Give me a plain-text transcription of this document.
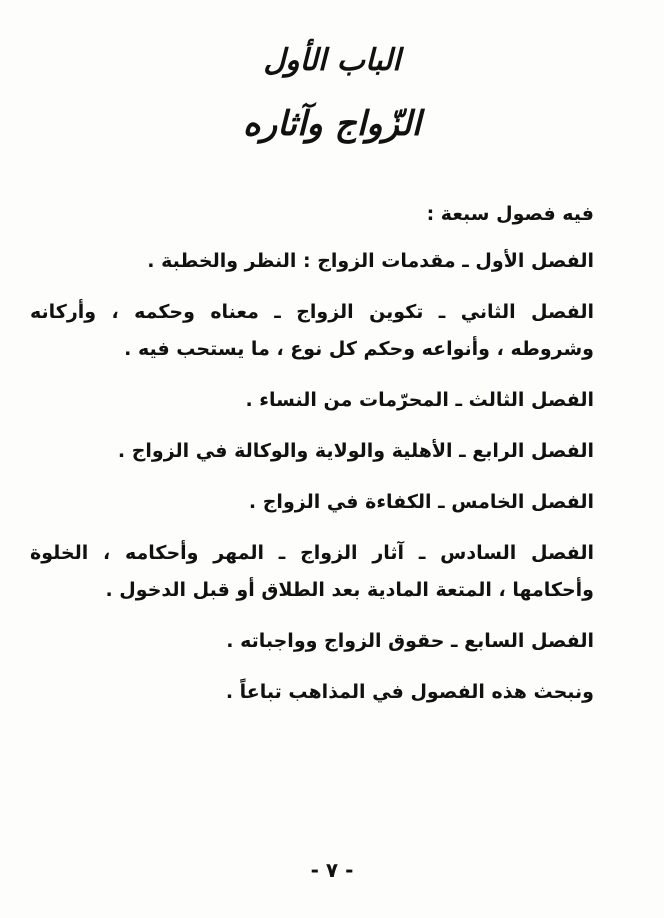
الباب الأول
الزّواج وآثاره
فيه فصول سبعة :
الفصل الأول ـ مقدمات الزواج : النظر والخطبة .
الفصل الثاني ـ تكوين الزواج ـ معناه وحكمه ، وأركانه وشروطه ، وأنواعه وحكم كل نوع ، ما يستحب فيه .
الفصل الثالث ـ المحرّمات من النساء .
الفصل الرابع ـ الأهلية والولاية والوكالة في الزواج .
الفصل الخامس ـ الكفاءة في الزواج .
الفصل السادس ـ آثار الزواج ـ المهر وأحكامه ، الخلوة وأحكامها ، المتعة المادية بعد الطلاق أو قبل الدخول .
الفصل السابع ـ حقوق الزواج وواجباته .
ونبحث هذه الفصول في المذاهب تباعاً .
- ٧ -
